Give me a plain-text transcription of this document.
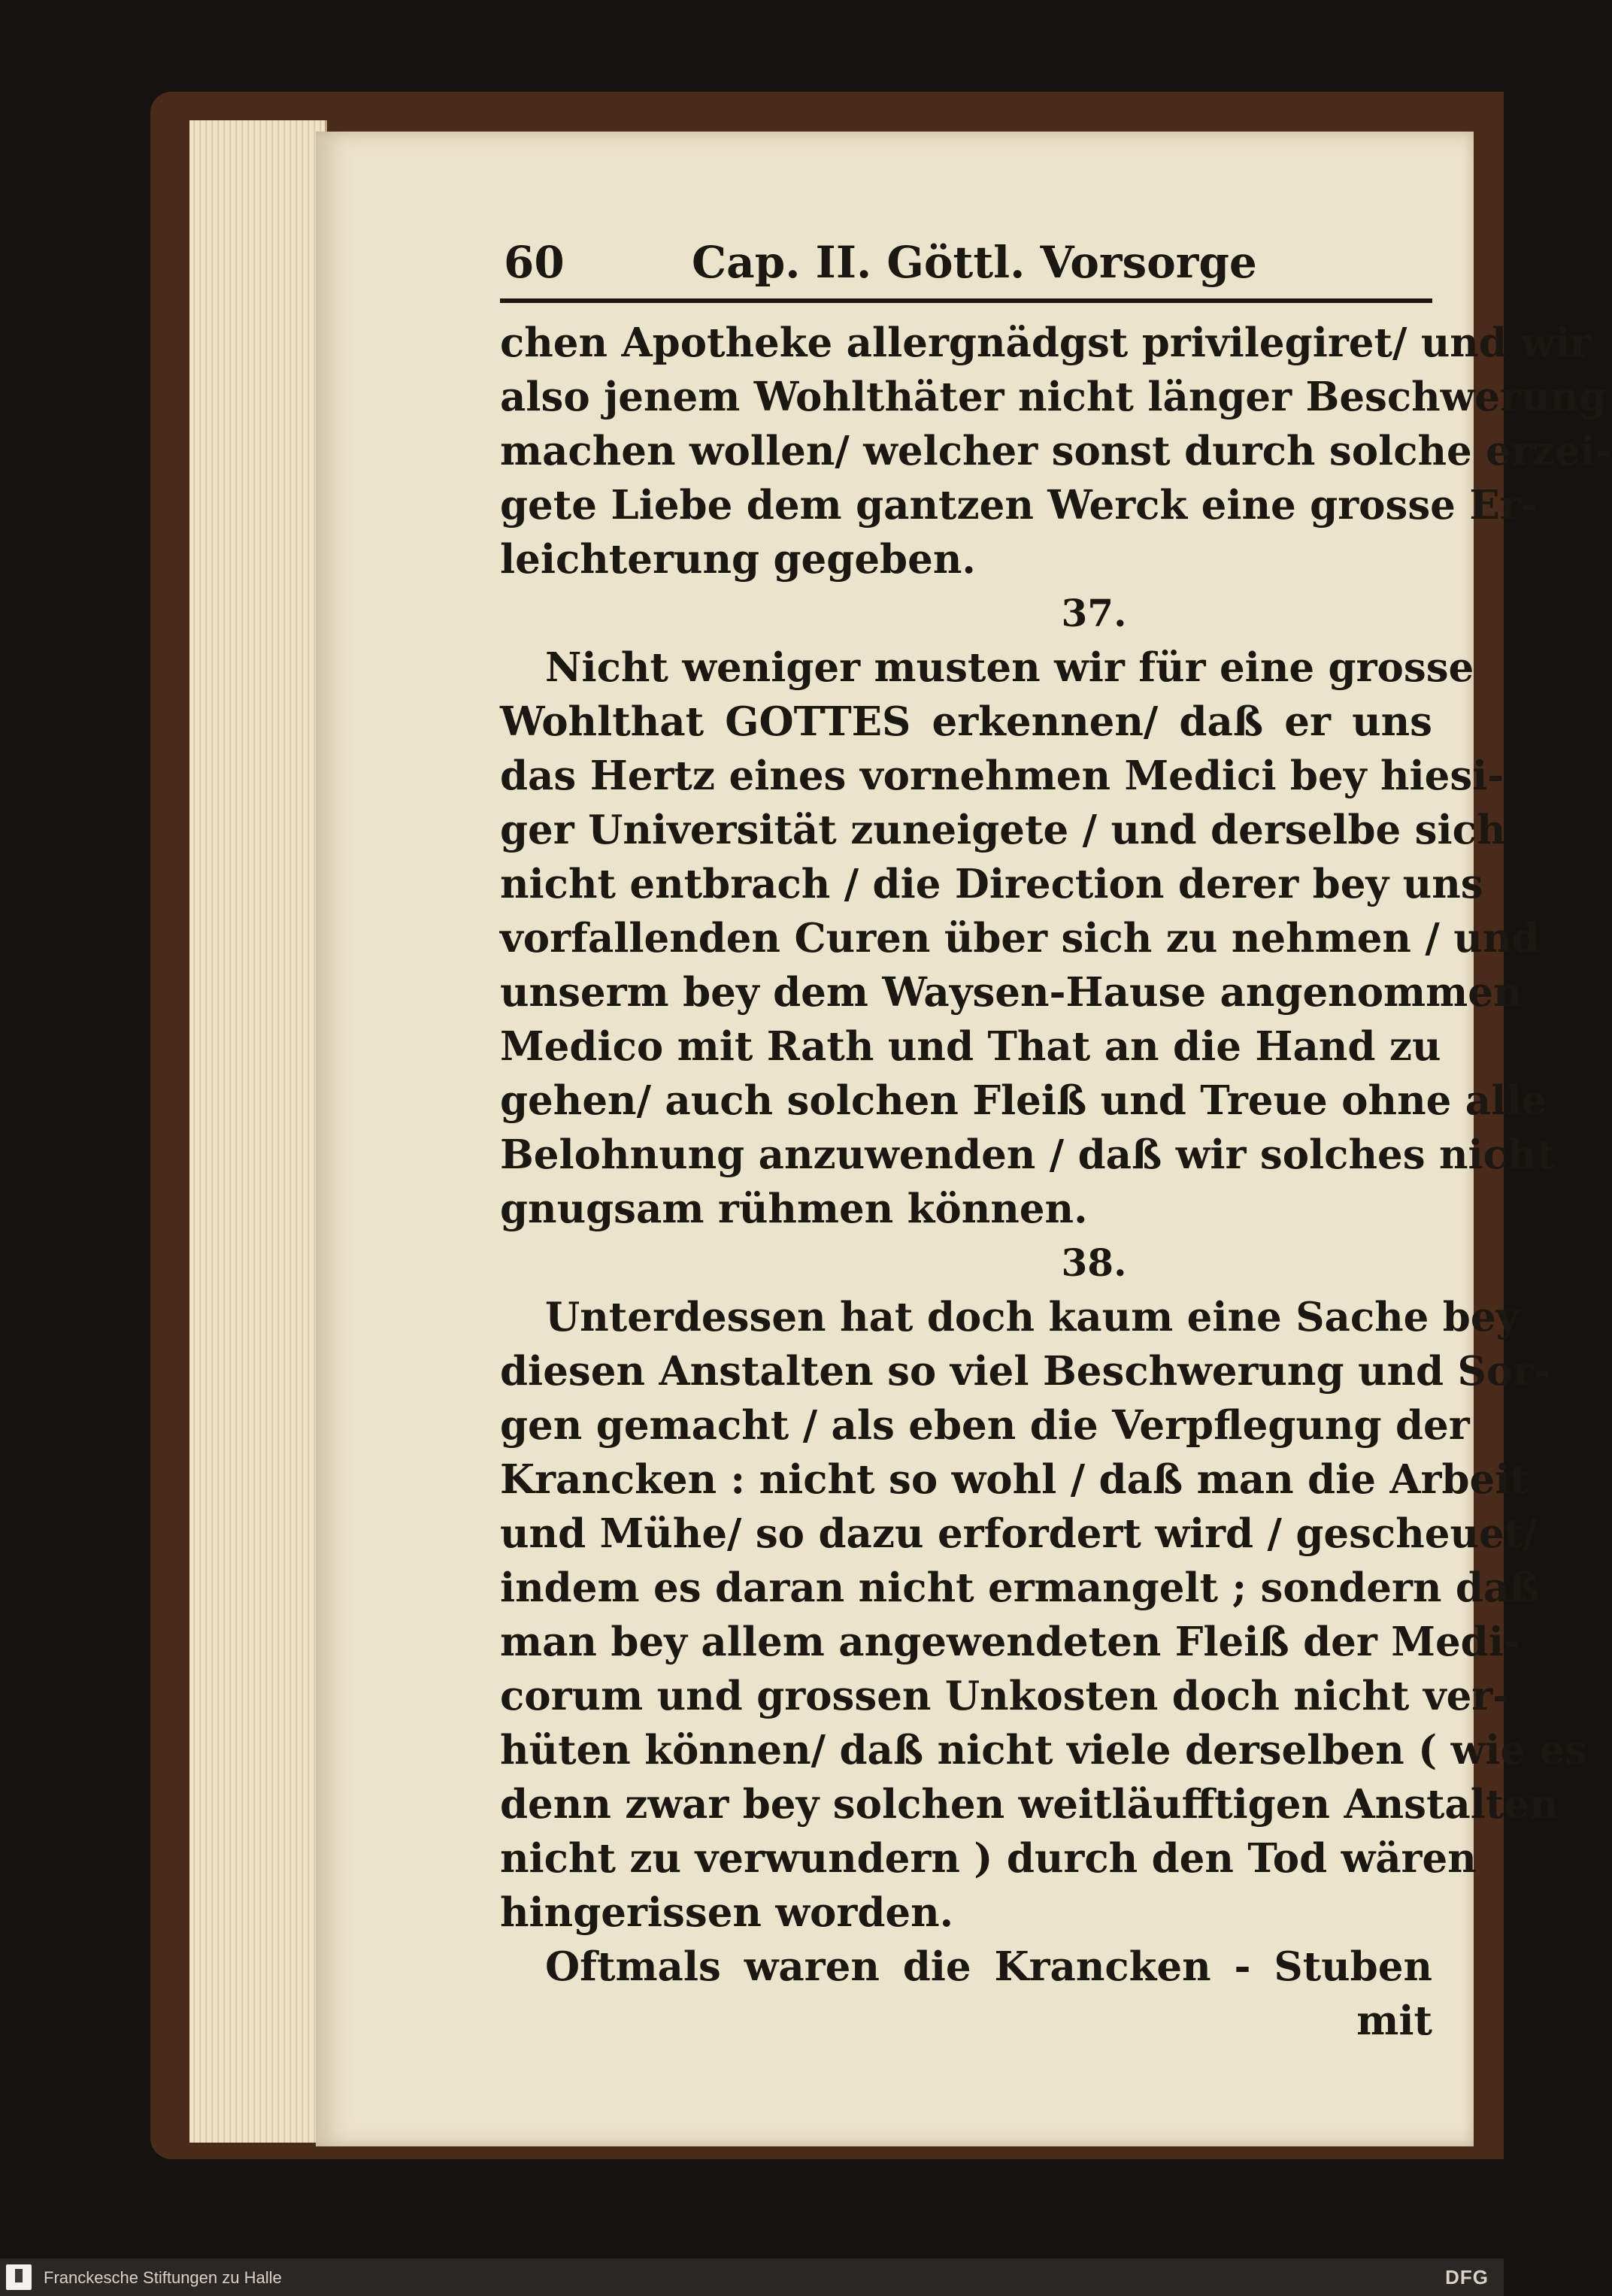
60	Cap. II. Göttl. Vorsorge
chen Apotheke allergnädgst privilegiret/ und wir
also jenem Wohlthäter nicht länger Beschwerung
machen wollen/ welcher sonst durch solche erzei-
gete Liebe dem gantzen Werck eine grosse Er-
leichterung gegeben.
37.
Nicht weniger musten wir für eine grosse
Wohlthat GOTTES erkennen/ daß er uns
das Hertz eines vornehmen Medici bey hiesi-
ger Universität zuneigete / und derselbe sich
nicht entbrach / die Direction derer bey uns
vorfallenden Curen über sich zu nehmen / und
unserm bey dem Waysen-Hause angenommen
Medico mit Rath und That an die Hand zu
gehen/ auch solchen Fleiß und Treue ohne alle
Belohnung anzuwenden / daß wir solches nicht
gnugsam rühmen können.
38.
Unterdessen hat doch kaum eine Sache bey
diesen Anstalten so viel Beschwerung und Sor-
gen gemacht / als eben die Verpflegung der
Krancken : nicht so wohl / daß man die Arbeit
und Mühe/ so dazu erfordert wird / gescheuet/
indem es daran nicht ermangelt ; sondern daß
man bey allem angewendeten Fleiß der Medi-
corum und grossen Unkosten doch nicht ver-
hüten können/ daß nicht viele derselben ( wie es
denn zwar bey solchen weitläufftigen Anstalten
nicht zu verwundern ) durch den Tod wären
hingerissen worden.
Oftmals waren die Krancken - Stuben
mit
Franckesche Stiftungen zu Halle	DFG
